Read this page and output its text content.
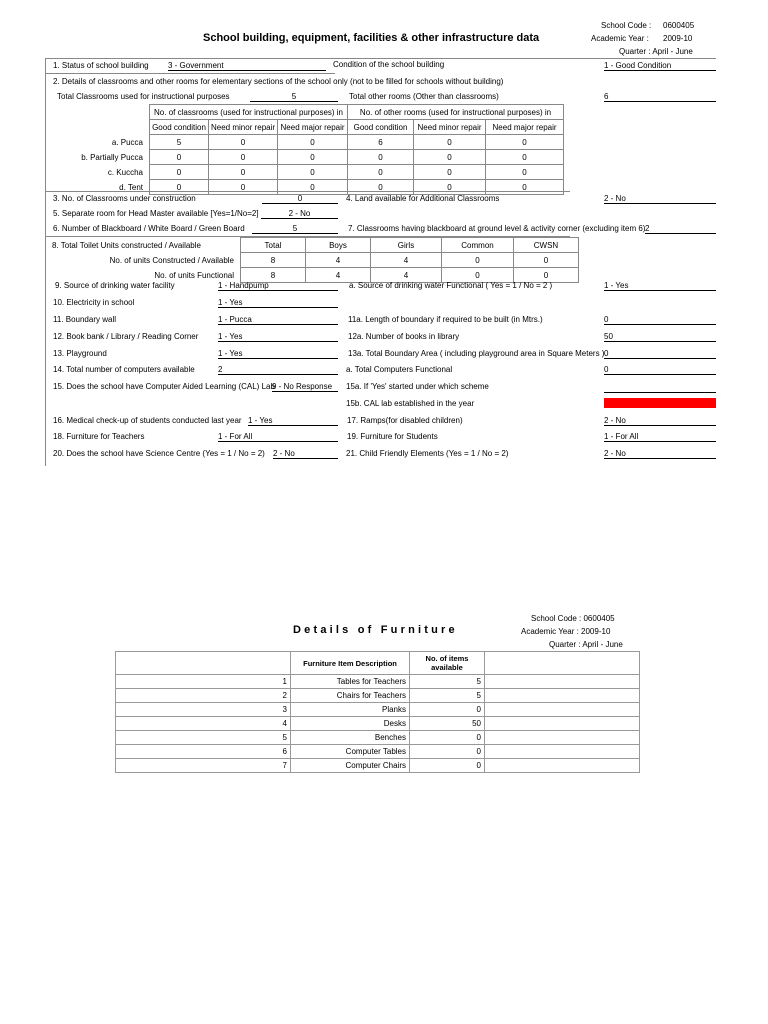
School Code : 0600405
School building, equipment, facilities & other infrastructure data	Academic Year : 2009-10
Quarter : April - June
1. Status of school building 3 - Government	Condition of the school building	1 - Good Condition
2. Details of classrooms and other rooms for elementary sections of the school only (not to be filled for schools without building)
Total Classrooms used for instructional purposes	5	Total other rooms (Other than classrooms)	6
	No. of classrooms (used for instructional purposes) in			No. of other rooms (used for instructional purposes) in		
	Good condition	Need minor repair	Need major repair	Good condition	Need minor repair	Need major repair
a. Pucca	5	0	0	6	0	0
b. Partially Pucca	0	0	0	0	0	0
c. Kuccha	0	0	0	0	0	0
d. Tent	0	0	0	0	0	0
3. No. of Classrooms under construction	0	4. Land available for Additional Classrooms	2 - No
5. Separate room for Head Master available [Yes=1/No=2]	2 - No
6. Number of Blackboard / White Board / Green Board	5	7. Classrooms having blackboard at ground level & activity corner (excluding item 6) 2
8. Total Toilet Units constructed / Available	Total	Boys	Girls	Common	CWSN
No. of units Constructed / Available	8	4	4	0	0
No. of units Functional	8	4	4	0	0
9. Source of drinking water facility	1 - Handpump	a. Source of drinking water Functional ( Yes = 1 / No = 2 )	1 - Yes
10. Electricity in school	1 - Yes
11. Boundary wall	1 - Pucca	11a. Length of boundary if required to be built (in Mtrs.)	0
12. Book bank / Library / Reading Corner 1 - Yes	12a. Number of books in library	50
13. Playground	1 - Yes	13a. Total Boundary Area ( including playground area in Square Meters ) 0
14. Total number of computers available	2	a. Total Computers Functional	0
15. Does the school have Computer Aided Learning (CAL) Lab
9 - No Response	15a. If 'Yes' started under which scheme
15b. CAL lab established in the year
16. Medical check-up of students conducted last year 1 - Yes	17. Ramps(for disabled children)	2 - No
18. Furniture for Teachers	1 - For All	19. Furniture for Students	1 - For All
20. Does the school have Science Centre (Yes = 1 / No = 2) 2 - No	21. Child Friendly Elements (Yes = 1 / No = 2)	2 - No
School Code : 0600405
Details of Furniture	Academic Year : 2009-10
Quarter : April - June
	Furniture Item Description	No. of items available	
1	Tables for Teachers	5	
2	Chairs for Teachers	5	
3	Planks	0	
4	Desks	50	
5	Benches	0	
6	Computer Tables	0	
7	Computer Chairs	0	
